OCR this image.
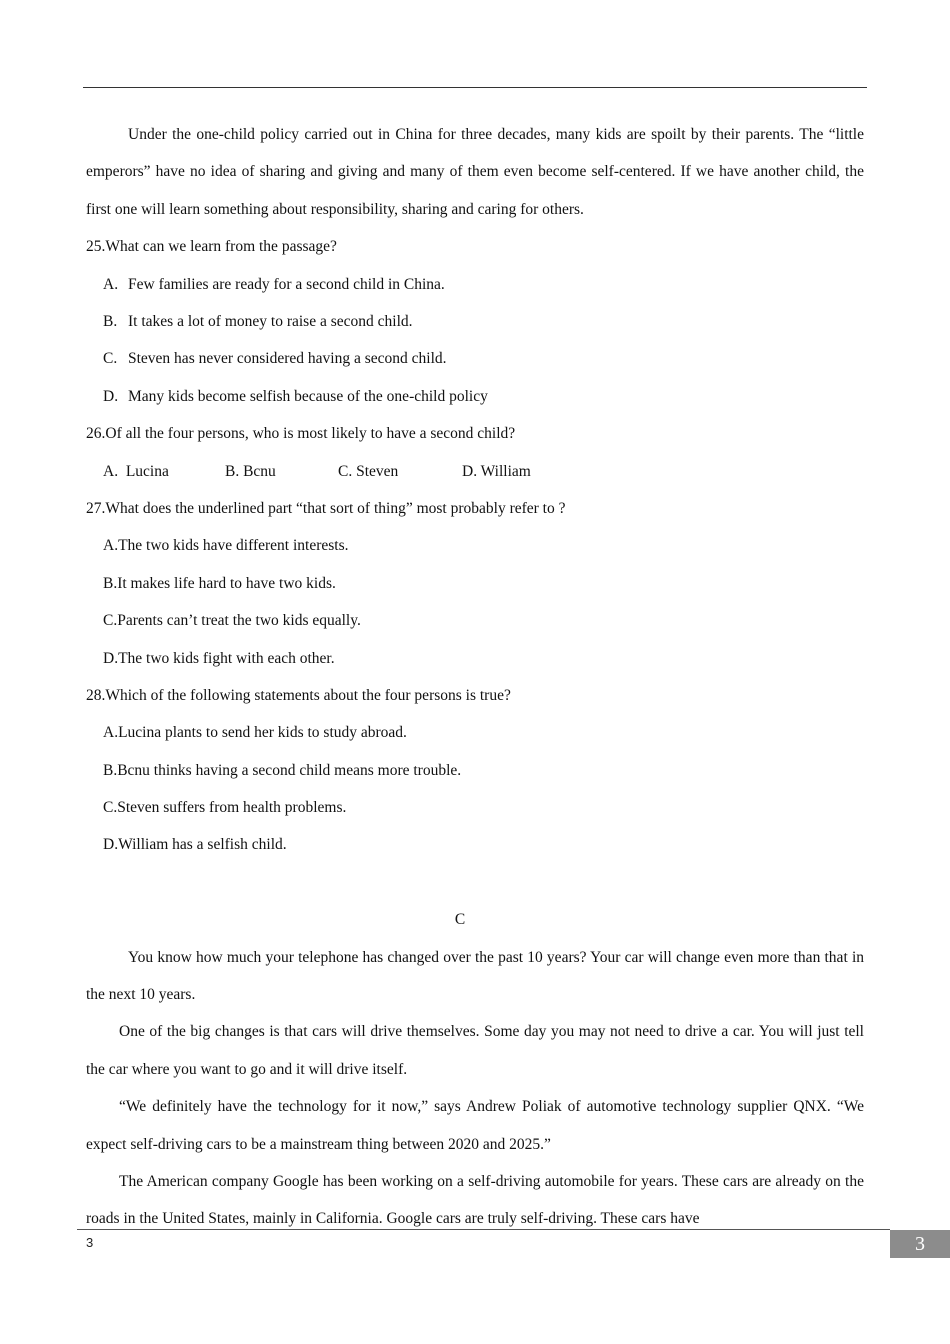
Under the one-child policy carried out in China for three decades, many kids are spoilt by their parents. The “little emperors” have no idea of sharing and giving and many of them even become self-centered. If we have another child, the first one will learn something about responsibility, sharing and caring for others.
25.What can we learn from the passage?
A. Few families are ready for a second child in China.
B. It takes a lot of money to raise a second child.
C. Steven has never considered having a second child.
D. Many kids become selfish because of the one-child policy
26.Of all the four persons, who is most likely to have a second child?
A.  Lucina	B. Bcnu	C. Steven	D. William
27.What does the underlined part “that sort of thing” most probably refer to ?
A.The two kids have different interests.
B.It makes life hard to have two kids.
C.Parents can’t treat the two kids equally.
D.The two kids fight with each other.
28.Which of the following statements about the four persons is true?
A.Lucina plants to send her kids to study abroad.
B.Bcnu thinks having a second child means more trouble.
C.Steven suffers from health problems.
D.William has a selfish child.
C
You know how much your telephone has changed over the past 10 years? Your car will change even more than that in the next 10 years.
One of the big changes is that cars will drive themselves. Some day you may not need to drive a car. You will just tell the car where you want to go and it will drive itself.
“We definitely have the technology for it now,” says Andrew Poliak of automotive technology supplier QNX. “We expect self-driving cars to be a mainstream thing between 2020 and 2025.”
The American company Google has been working on a self-driving automobile for years. These cars are already on the roads in the United States, mainly in California. Google cars are truly self-driving. These cars have
3	3
